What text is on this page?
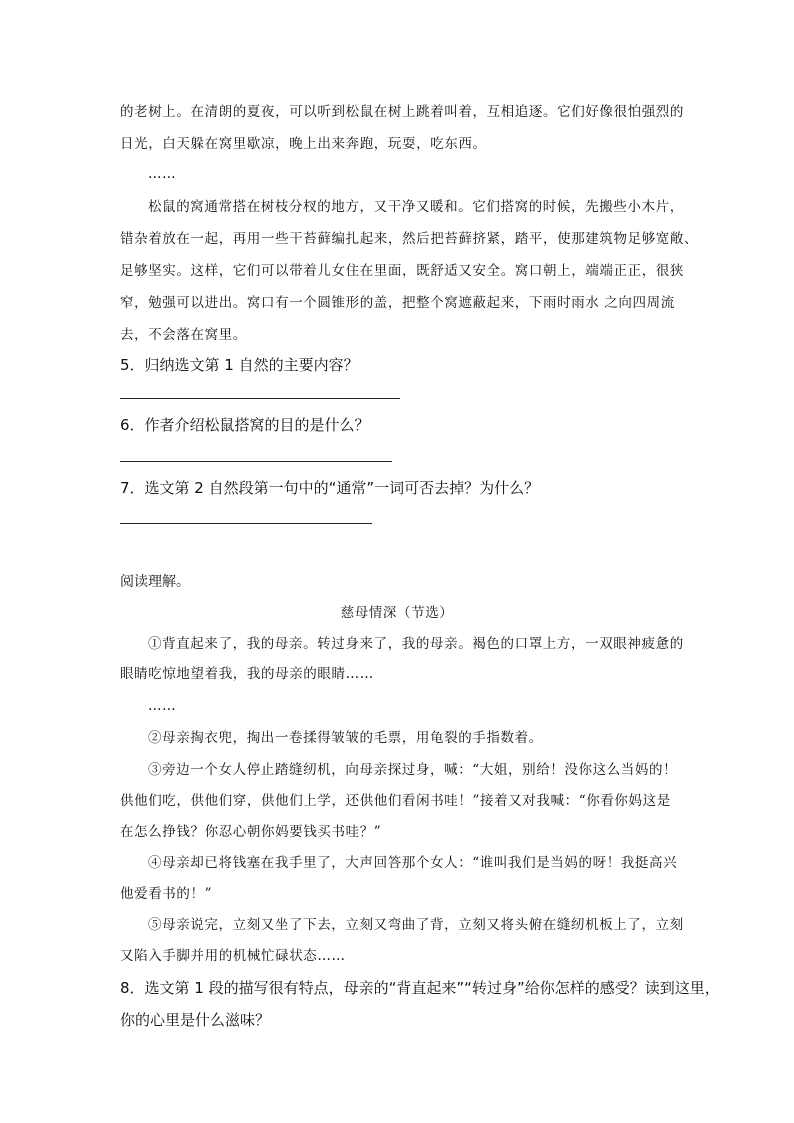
的老树上。在清朗的夏夜，可以听到松鼠在树上跳着叫着，互相追逐。它们好像很怕强烈的
日光，白天躲在窝里歇凉，晚上出来奔跑，玩耍，吃东西。
……
松鼠的窝通常搭在树枝分杈的地方，又干净又暖和。它们搭窝的时候，先搬些小木片，
错杂着放在一起，再用一些干苔藓编扎起来，然后把苔藓挤紧，踏平，使那建筑物足够宽敞、
足够坚实。这样，它们可以带着儿女住在里面，既舒适又安全。窝口朝上，端端正正，很狭
窄，勉强可以进出。窝口有一个圆锥形的盖，把整个窝遮蔽起来，下雨时雨水 之向四周流
去，不会落在窝里。
5．归纳选文第 1 自然的主要内容？
6．作者介绍松鼠搭窝的目的是什么？
7．选文第 2 自然段第一句中的“通常”一词可否去掉？为什么？
阅读理解。
慈母情深（节选）
①背直起来了，我的母亲。转过身来了，我的母亲。褐色的口罩上方，一双眼神疲惫的
眼睛吃惊地望着我，我的母亲的眼睛……
……
②母亲掏衣兜，掏出一卷揉得皱皱的毛票，用龟裂的手指数着。
③旁边一个女人停止踏缝纫机，向母亲探过身，喊：“大姐，别给！没你这么当妈的！
供他们吃，供他们穿，供他们上学，还供他们看闲书哇！”接着又对我喊：“你看你妈这是
在怎么挣钱？你忍心朝你妈要钱买书哇？”
④母亲却已将钱塞在我手里了，大声回答那个女人：“谁叫我们是当妈的呀！我挺高兴
他爱看书的！”
⑤母亲说完，立刻又坐了下去，立刻又弯曲了背，立刻又将头俯在缝纫机板上了，立刻
又陷入手脚并用的机械忙碌状态……
8．选文第 1 段的描写很有特点，母亲的“背直起来”“转过身”给你怎样的感受？读到这里，
你的心里是什么滋味？
